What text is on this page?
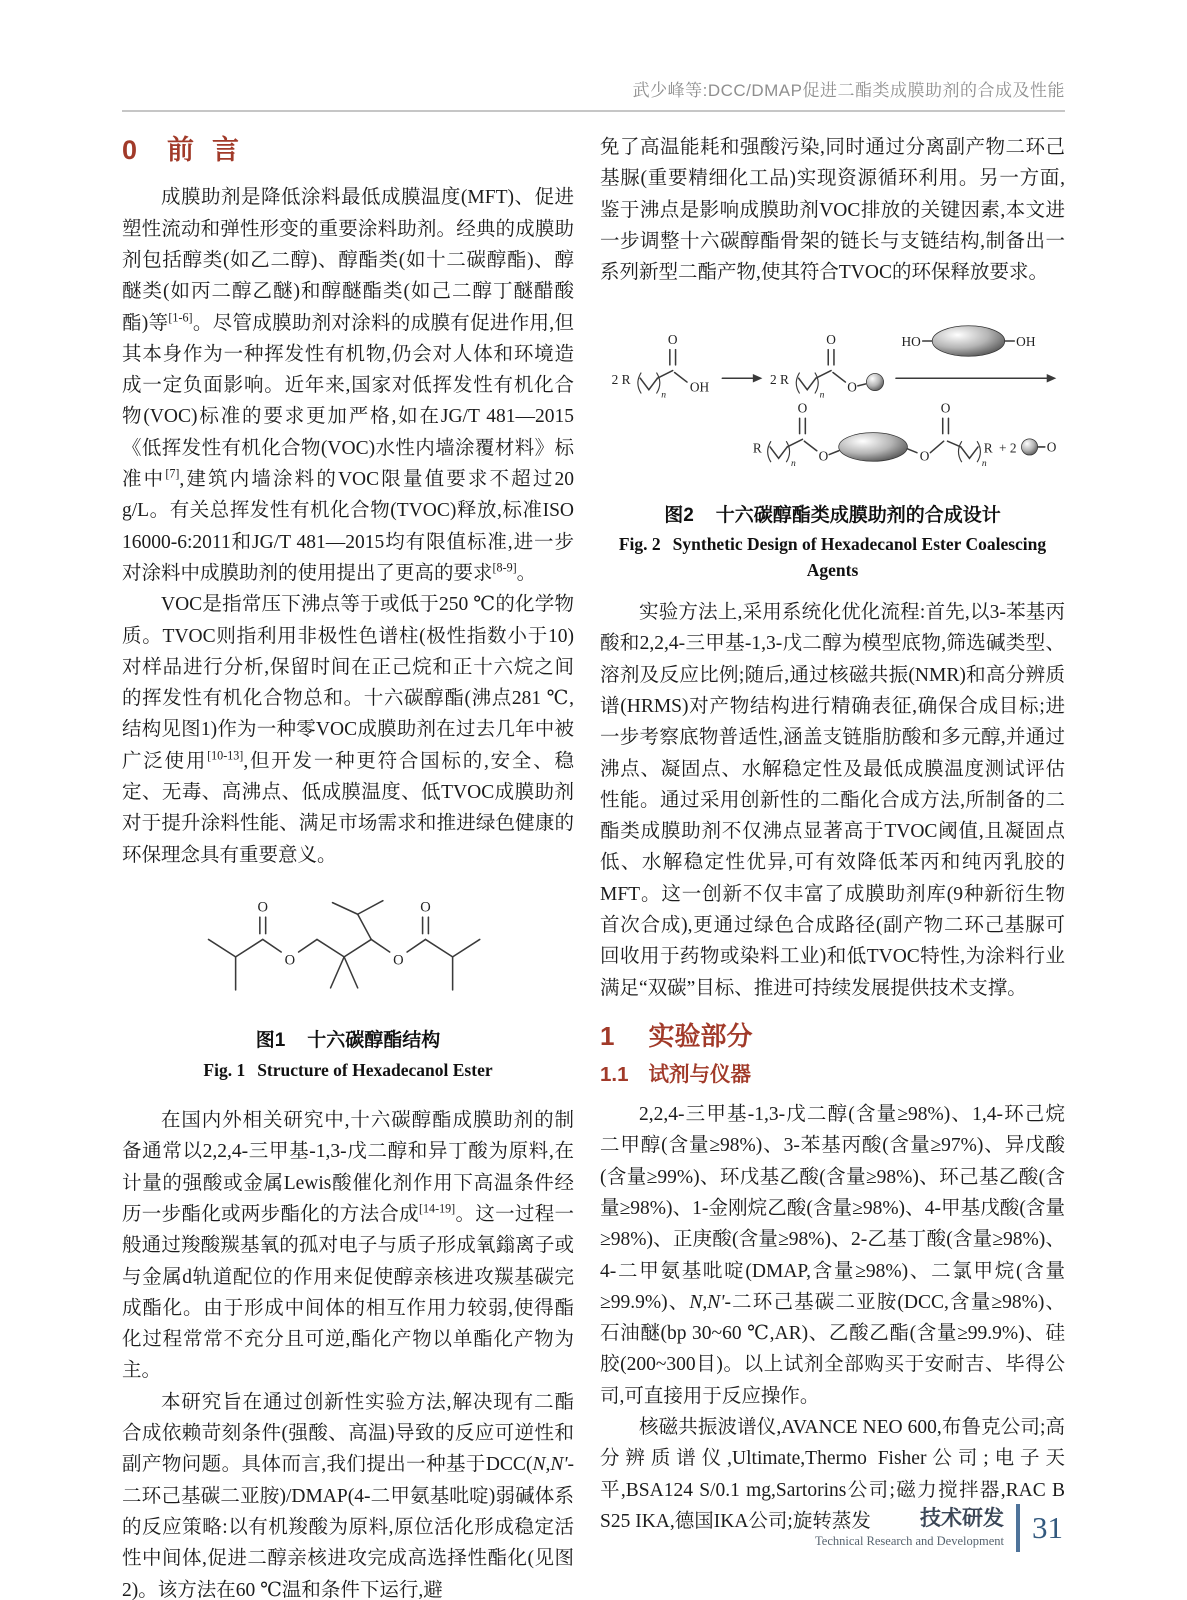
武少峰等:DCC/DMAP促进二酯类成膜助剂的合成及性能
0 前言

成膜助剂是降低涂料最低成膜温度(MFT)、促进塑性流动和弹性形变的重要涂料助剂。经典的成膜助剂包括醇类(如乙二醇)、醇酯类(如十二碳醇酯)、醇醚类(如丙二醇乙醚)和醇醚酯类(如己二醇丁醚醋酸酯)等[1-6]。尽管成膜助剂对涂料的成膜有促进作用,但其本身作为一种挥发性有机物,仍会对人体和环境造成一定负面影响。近年来,国家对低挥发性有机化合物(VOC)标准的要求更加严格,如在JG/T 481—2015《低挥发性有机化合物(VOC)水性内墙涂覆材料》标准中[7],建筑内墙涂料的VOC限量值要求不超过20 g/L。有关总挥发性有机化合物(TVOC)释放,标准ISO 16000-6:2011和JG/T 481—2015均有限值标准,进一步对涂料中成膜助剂的使用提出了更高的要求[8-9]。

VOC是指常压下沸点等于或低于250 ℃的化学物质。TVOC则指利用非极性色谱柱(极性指数小于10)对样品进行分析,保留时间在正己烷和正十六烷之间的挥发性有机化合物总和。十六碳醇酯(沸点281 ℃,结构见图1)作为一种零VOC成膜助剂在过去几年中被广泛使用[10-13],但开发一种更符合国标的,安全、稳定、无毒、高沸点、低成膜温度、低TVOC成膜助剂对于提升涂料性能、满足市场需求和推进绿色健康的环保理念具有重要意义。

O
O	O
O
图1 十六碳醇酯结构
Fig. 1 Structure of Hexadecanol Ester

在国内外相关研究中,十六碳醇酯成膜助剂的制备通常以2,2,4-三甲基-1,3-戊二醇和异丁酸为原料,在计量的强酸或金属Lewis酸催化剂作用下高温条件经历一步酯化或两步酯化的方法合成[14-19]。这一过程一般通过羧酸羰基氧的孤对电子与质子形成氧鎓离子或与金属d轨道配位的作用来促使醇亲核进攻羰基碳完成酯化。由于形成中间体的相互作用力较弱,使得酯化过程常常不充分且可逆,酯化产物以单酯化产物为主。

本研究旨在通过创新性实验方法,解决现有二酯合成依赖苛刻条件(强酸、高温)导致的反应可逆性和副产物问题。具体而言,我们提出一种基于DCC(N,N'-二环己基碳二亚胺)/DMAP(4-二甲氨基吡啶)弱碱体系的反应策略:以有机羧酸为原料,原位活化形成稳定活性中间体,促进二醇亲核进攻完成高选择性酯化(见图2)。该方法在60 ℃温和条件下运行,避

免了高温能耗和强酸污染,同时通过分离副产物二环己基脲(重要精细化工品)实现资源循环利用。另一方面,鉴于沸点是影响成膜助剂VOC排放的关键因素,本文进一步调整十六碳醇酯骨架的链长与支链结构,制备出一系列新型二酯产物,使其符合TVOC的环保释放要求。

2 R
n
O
OH
2 R
n
O
O
HO	OH
R
n
O
O	O
O
n
R + 2 O
图2 十六碳醇酯类成膜助剂的合成设计
Fig. 2 Synthetic Design of Hexadecanol Ester Coalescing Agents

实验方法上,采用系统化优化流程:首先,以3-苯基丙酸和2,2,4-三甲基-1,3-戊二醇为模型底物,筛选碱类型、溶剂及反应比例;随后,通过核磁共振(NMR)和高分辨质谱(HRMS)对产物结构进行精确表征,确保合成目标;进一步考察底物普适性,涵盖支链脂肪酸和多元醇,并通过沸点、凝固点、水解稳定性及最低成膜温度测试评估性能。通过采用创新性的二酯化合成方法,所制备的二酯类成膜助剂不仅沸点显著高于TVOC阈值,且凝固点低、水解稳定性优异,可有效降低苯丙和纯丙乳胶的MFT。这一创新不仅丰富了成膜助剂库(9种新衍生物首次合成),更通过绿色合成路径(副产物二环己基脲可回收用于药物或染料工业)和低TVOC特性,为涂料行业满足“双碳”目标、推进可持续发展提供技术支撑。

1 实验部分
1.1 试剂与仪器

2,2,4-三甲基-1,3-戊二醇(含量≥98%)、1,4-环己烷二甲醇(含量≥98%)、3-苯基丙酸(含量≥97%)、异戊酸(含量≥99%)、环戊基乙酸(含量≥98%)、环己基乙酸(含量≥98%)、1-金刚烷乙酸(含量≥98%)、4-甲基戊酸(含量≥98%)、正庚酸(含量≥98%)、2-乙基丁酸(含量≥98%)、4-二甲氨基吡啶(DMAP,含量≥98%)、二氯甲烷(含量≥99.9%)、N,N'-二环己基碳二亚胺(DCC,含量≥98%)、石油醚(bp 30~60 ℃,AR)、乙酸乙酯(含量≥99.9%)、硅胶(200~300目)。以上试剂全部购买于安耐吉、毕得公司,可直接用于反应操作。

核磁共振波谱仪,AVANCE NEO 600,布鲁克公司;高分辨质谱仪,Ultimate,Thermo Fisher公司;电子天平,BSA124 S/0.1 mg,Sartorins公司;磁力搅拌器,RAC B S25 IKA,德国IKA公司;旋转蒸发	技术研发
Technical Research and Development 31
